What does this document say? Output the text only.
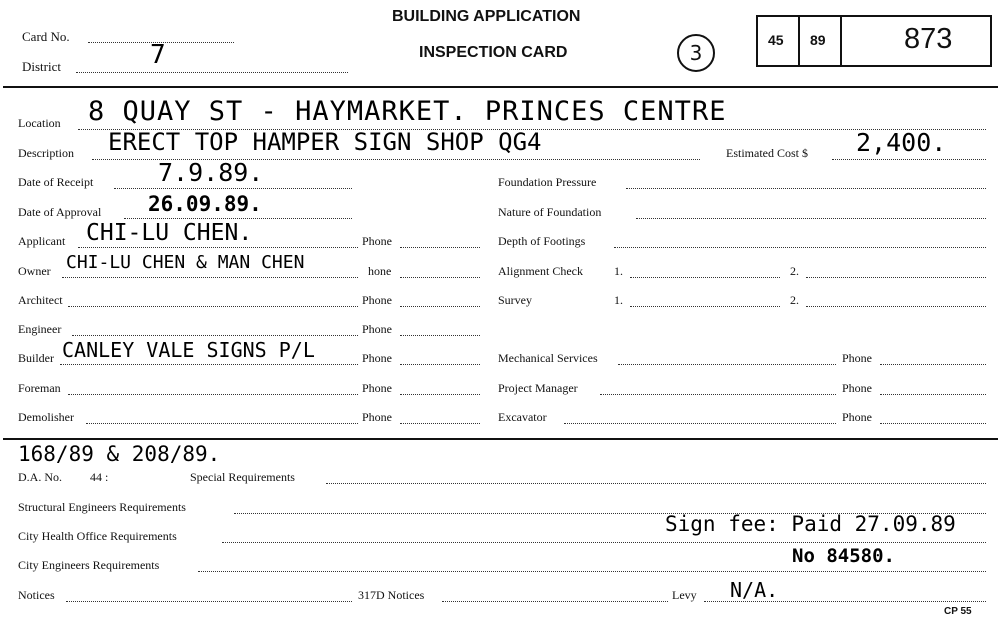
Card No.
District	7
BUILDING APPLICATION
INSPECTION CARD	3
45 89	873
Location 8 QUAY ST - HAYMARKET. PRINCES CENTRE
Description ERECT TOP HAMPER SIGN SHOP QG4	Estimated Cost $ 2,400.
Date of Receipt	7.9.89.
Date of Approval 26.09.89.
Applicant CHI-LU CHEN.	Phone
Owner CHI-LU CHEN & MAN CHEN	hone
Architect	Phone
Engineer	Phone
Builder CANLEY VALE SIGNS P/L	Phone
Foreman	Phone
Demolisher	Phone
Foundation Pressure
Nature of Foundation
Depth of Footings
Alignment Check	1.	2.
Survey	1.	2.
Mechanical Services	Phone
Project Manager	Phone
Excavator	Phone
168/89 & 208/89.
D.A. No. 44 :	Special Requirements
Structural Engineers Requirements
City Health Office Requirements	Sign fee: Paid 27.09.89
City Engineers Requirements	No 84580.
Notices	317D Notices	Levy N/A.
CP 55
